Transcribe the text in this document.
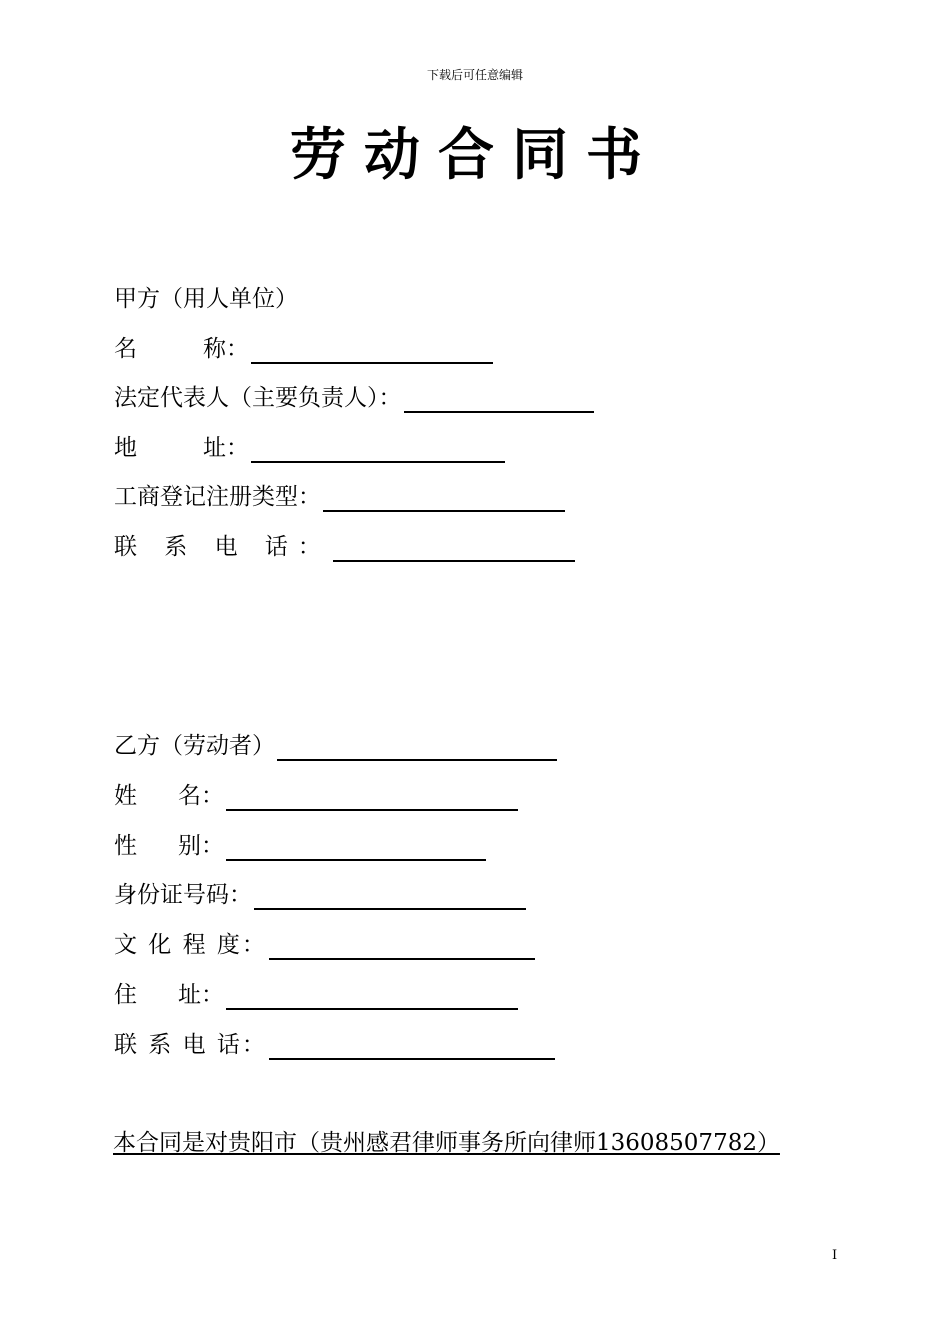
下载后可任意编辑
劳动合同书
甲方（用人单位）
名	称：
法定代表人（主要负责人）：
地	址：
工商登记注册类型：
联 系 电 话：
乙方（劳动者）
姓 名：
性 别：
身份证号码：
文 化 程 度：
住 址：
联 系 电 话：
本合同是对贵阳市（贵州感君律师事务所向律师13608507782）
I
